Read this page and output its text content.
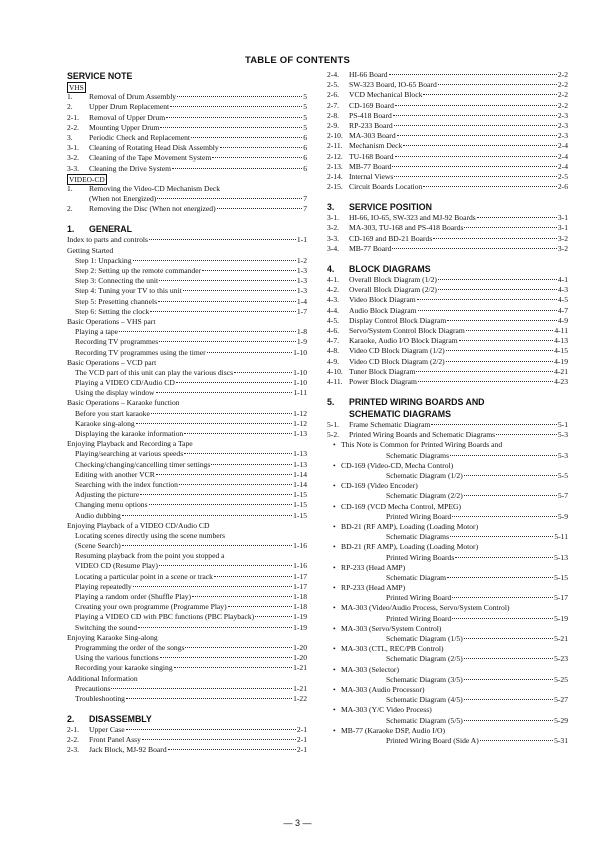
TABLE OF CONTENTS
SERVICE NOTE
VHS
1.	Removal of Drum Assembly	5
2.	Upper Drum Replacement	5
2-1.	Removal of Upper Drum	5
2-2.	Mounting Upper Drum	5
3.	Periodic Check and Replacement	6
3-1.	Cleaning of Rotating Head Disk Assembly	6
3-2.	Cleaning of the Tape Movement System	6
3-3.	Cleaning the Drive System	6
VIDEO-CD
1. Removing the Video-CD Mechanism Deck
(When not Energized)	7
2.	Removing the Disc (When not energized)	7
1.	GENERAL
Index to parts and controls	1-1
Getting Started
Step 1: Unpacking	1-2
Step 2: Setting up the remote commander	1-3
Step 3: Connecting the unit	1-3
Step 4: Tuning your TV to this unit	1-3
Step 5: Presetting channels	1-4
Step 6: Setting the clock	1-7
Basic Operations – VHS part
Playing a tape	1-8
Recording TV programmes	1-9
Recording TV programmes using the timer	1-10
Basic Operations – VCD part
The VCD part of this unit can play the various discs	1-10
Playing a VIDEO CD/Audio CD	1-10
Using the display window	1-11
Basic Operations – Karaoke function
Before you start karaoke	1-12
Karaoke sing-along	1-12
Displaying the karaoke information	1-13
Enjoying Playback and Recording a Tape
Playing/searching at various speeds	1-13
Checking/changing/cancelling timer settings	1-13
Editing with another VCR	1-14
Searching with the index function	1-14
Adjusting the picture	1-15
Changing menu options	1-15
Audio dubbing	1-15
Enjoying Playback of a VIDEO CD/Audio CD
Locating scenes directly using the scene numbers
(Scene Search)	1-16
Resuming playback from the point you stopped a
VIDEO CD (Resume Play)	1-16
Locating a particular point in a scene or track	1-17
Playing repeatedly	1-17
Playing a random order (Shuffle Play)	1-18
Creating your own programme (Programme Play)	1-18
Playing a VIDEO CD with PBC functions (PBC Playback)	1-19
Switching the sound	1-19
Enjoying Karaoke Sing-along
Programming the order of the songs	1-20
Using the various functions	1-20
Recording your karaoke singing	1-21
Additional Information
Precautions	1-21
Troubleshooting	1-22
2.	DISASSEMBLY
2-1.	Upper Case	2-1
2-2.	Front Panel Assy	2-1
2-3.	Jack Block, MJ-92 Board	2-1
2-4.	HI-66 Board	2-2
2-5.	SW-323 Board, IO-65 Board	2-2
2-6.	VCD Mechanical Block	2-2
2-7.	CD-169 Board	2-2
2-8.	PS-418 Board	2-3
2-9.	RP-233 Board	2-3
2-10. MA-303 Board	2-3
2-11. Mechanism Deck	2-4
2-12. TU-168 Board	2-4
2-13. MB-77 Board	2-4
2-14. Internal Views	2-5
2-15. Circuit Boards Location	2-6
3.	SERVICE POSITION
3-1.	HI-66, IO-65, SW-323 and MJ-92 Boards	3-1
3-2.	MA-303, TU-168 and PS-418 Boards	3-1
3-3.	CD-169 and BD-21 Boards	3-2
3-4.	MB-77 Board	3-2
4.	BLOCK DIAGRAMS
4-1.	Overall Block Diagram (1/2)	4-1
4-2.	Overall Block Diagram (2/2)	4-3
4-3.	Video Block Diagram	4-5
4-4.	Audio Block Diagram	4-7
4-5.	Display Control Block Diagram	4-9
4-6.	Servo/System Control Block Diagram	4-11
4-7.	Karaoke, Audio I/O Block Diagram	4-13
4-8.	Video CD Block Diagram (1/2)	4-15
4-9.	Video CD Block Diagram (2/2)	4-19
4-10. Tuner Block Diagram	4-21
4-11. Power Block Diagram	4-23
5.	PRINTED WIRING BOARDS AND
SCHEMATIC DIAGRAMS
5-1.	Frame Schematic Diagram	5-1
5-2.	Printed Wiring Boards and Schematic Diagrams	5-3
• This Note is Common for Printed Wiring Boards and
Schematic Diagrams	5-3
• CD-169 (Video-CD, Mecha Control)
Schematic Diagram (1/2)	5-5
• CD-169 (Video Encoder)
Schematic Diagram (2/2)	5-7
• CD-169 (VCD Mecha Control, MPEG)
Printed Wiring Board	5-9
• BD-21 (RF AMP), Loading (Loading Motor)
Schematic Diagrams	5-11
• BD-21 (RF AMP), Loading (Loading Motor)
Printed Wiring Boards	5-13
• RP-233 (Head AMP)
Schematic Diagram	5-15
• RP-233 (Head AMP)
Printed Wiring Board	5-17
• MA-303 (Video/Audio Process, Servo/System Control)
Printed Wiring Board	5-19
• MA-303 (Servo/System Control)
Schematic Diagram (1/5)	5-21
• MA-303 (CTL, REC/PB Control)
Schematic Diagram (2/5)	5-23
• MA-303 (Selector)
Schematic Diagram (3/5)	5-25
• MA-303 (Audio Processor)
Schematic Diagram (4/5)	5-27
• MA-303 (Y/C Video Process)
Schematic Diagram (5/5)	5-29
• MB-77 (Karaoke DSP, Audio I/O)
Printed Wiring Board (Side A)	5-31
— 3 —
